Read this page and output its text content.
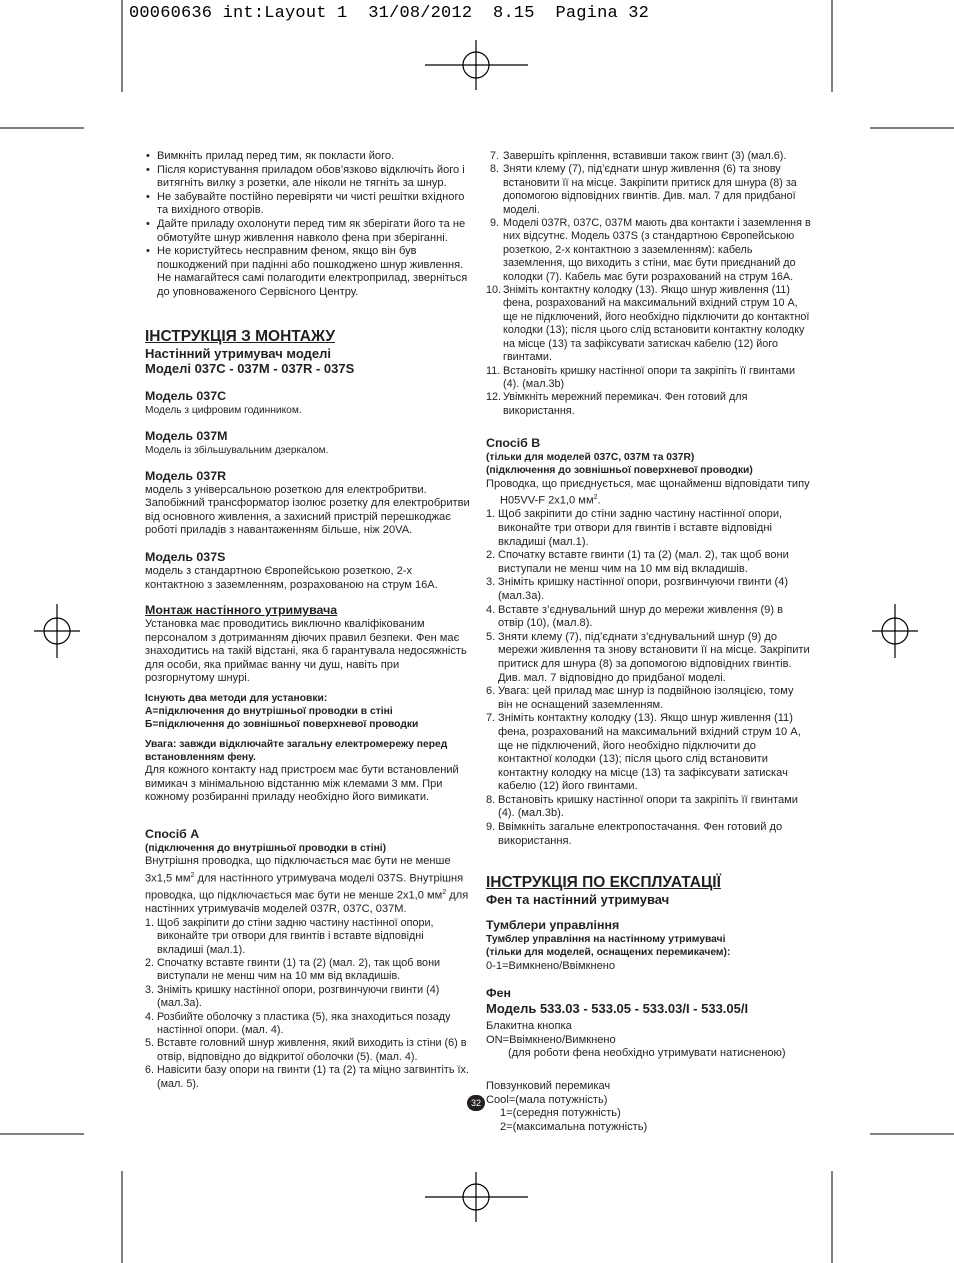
00060636 int:Layout 1  31/08/2012  8.15  Pagina 32
• Вимкніть прилад перед тим, як покласти його.
• Після користування приладом обов’язково відключіть його і витягніть вилку з розетки, але ніколи не тягніть за шнур.
• Не забувайте постійно перевіряти чи чисті решітки вхідного та вихідного отворів.
• Дайте приладу охолонути перед тим як зберігати його та не обмотуйте шнур живлення навколо фена при зберіганні.
• Не користуйтесь несправним феном, якщо він був пошкоджений при падінні або пошкоджено шнур живлення. Не намагайтеся самі полагодити електроприлад, зверніться до уповноваженого Сервісного Центру.
ІНСТРУКЦІЯ З МОНТАЖУ
Настінний утримувач моделі
Моделі 037C - 037M - 037R - 037S
Модель 037C
Модель з цифровим годинником.
Модель 037M
Модель із збільшувальним дзеркалом.
Модель 037R
модель з універсальною розеткою для електробритви. Запобіжний трансформатор ізолює розетку для електробритви від основного живлення, а захисний пристрій перешкоджає роботі приладів з навантаженням більше, ніж 20VA.
Модель 037S
модель з стандартною Європейською розеткою, 2-х контактною з заземленням, розрахованою на струм 16А.
Монтаж настінного утримувача
Установка має проводитись виключно кваліфікованим персоналом з дотриманням діючих правил безпеки. Фен має знаходитись на такій відстані, яка б гарантувала недосяжність для особи, яка приймає ванну чи душ, навіть при розгорнутому шнурі.
Існують два методи для установки:
А=підключення до внутрішньої проводки в стіні
Б=підключення до зовнішньої поверхневої проводки
Увага: завжди відключайте загальну електромережу перед встановленням фену.
Для кожного контакту над пристроєм має бути встановлений вимикач з мінімальною відстанню між клемами 3 мм. При кожному розбиранні приладу необхідно його вимикати.
Спосіб А
(підключення до внутрішньої проводки в стіні)
Внутрішня проводка, що підключається має бути не менше 3х1,5 $мм^2$ для настінного утримувача моделі 037S. Внутрішня проводка, що підключається має бути не менше 2х1,0 $мм^2$ для настінних утримувачів моделей 037R, 037C, 037M.
1. Щоб закріпити до стіни задню частину настінної опори, виконайте три отвори для гвинтів і вставте відповідні вкладиші (мал.1).
2. Спочатку вставте гвинти (1) та (2) (мал. 2), так щоб вони виступали не менш чим на 10 мм від вкладишів.
3. Зніміть кришку настінної опори, розгвинчуючи гвинти (4) (мал.3а).
4. Розбийте оболочку з пластика (5), яка знаходиться позаду настінної опори. (мал. 4).
5. Вставте головний шнур живлення, який виходить із стіни (6) в отвір, відповідно до відкритої оболочки (5). (мал. 4).
6. Навісити базу опори на гвинти (1) та (2) та міцно загвинтіть їх. (мал. 5).
7. Завершіть кріплення, вставивши також гвинт (3) (мал.6).
8. Зняти клему (7), під’єднати шнур живлення (6) та знову встановити її на місце. Закріпити притиск для шнура (8) за допомогою відповідних гвинтів. Див. мал. 7 для придбаної моделі.
9. Моделі 037R, 037C, 037M мають два контакти і заземлення в них відсутнє. Модель 037S (з стандартною Європейською розеткою, 2-х контактною з заземленням): кабель заземлення, що виходить з стіни, має бути приєднаний до колодки (7). Кабель має бути розрахований на струм 16А.
10. Зніміть контактну колодку (13). Якщо шнур живлення (11) фена, розрахований на максимальний вхідний струм 10 А, ще не підключений, його необхідно підключити до контактної колодки (13); після цього слід встановити контактну колодку на місце (13) та зафіксувати затискач кабелю (12) його гвинтами.
11. Встановіть кришку настінної опори та закріпіть її гвинтами (4). (мал.3b)
12. Увімкніть мережний перемикач. Фен готовий для використання.
Спосіб В
(тільки для моделей 037C, 037M та 037R)
(підключення до зовнішньої поверхневої проводки)
Проводка, що приєднується, має щонайменш відповідати типу
H05VV-F 2x1,0 $мм^2$.
1. Щоб закріпити до стіни задню частину настінної опори, виконайте три отвори для гвинтів і вставте відповідні вкладиші (мал.1).
2. Спочатку вставте гвинти (1) та (2) (мал. 2), так щоб вони виступали не менш чим на 10 мм від вкладишів.
3. Зніміть кришку настінної опори, розгвинчуючи гвинти (4) (мал.3а).
4. Вставте з’єднувальний шнур до мережи живлення (9) в отвір (10), (мал.8).
5. Зняти клему (7), під’єднати з’єднувальний шнур (9) до мережи живлення та знову встановити її на місце. Закріпити притиск для шнура (8) за допомогою відповідних гвинтів. Див. мал. 7 відповідно до придбаної моделі.
6. Увага: цей прилад має шнур із подвійною ізоляцією, тому він не оснащений заземленням.
7. Зніміть контактну колодку (13). Якщо шнур живлення (11) фена, розрахований на максимальний вхідний струм 10 А, ще не підключений, його необхідно підключити до контактної колодки (13); після цього слід встановити контактну колодку на місце (13) та зафіксувати затискач кабелю (12) його гвинтами.
8. Встановіть кришку настінної опори та закріпіть її гвинтами (4). (мал.3b).
9. Ввімкніть загальне електропостачання. Фен готовий до використання.
ІНСТРУКЦІЯ ПО ЕКСПЛУАТАЦІЇ
Фен та настінний утримувач
Тумблери управління
Тумблер управління на настінному утримувачі
(тільки для моделей, оснащених перемикачем):
0-1=Вимкнено/Ввімкнено
Фен
Модель 533.03 - 533.05 - 533.03/I - 533.05/I
Блакитна кнопка
ON=Ввімкнено/Вимкнено
(для роботи фена необхідно утримувати натисненою)
Повзунковий перемикач
Cool=(мала потужність)
1=(середня потужність)
2=(максимальна потужність)
32
